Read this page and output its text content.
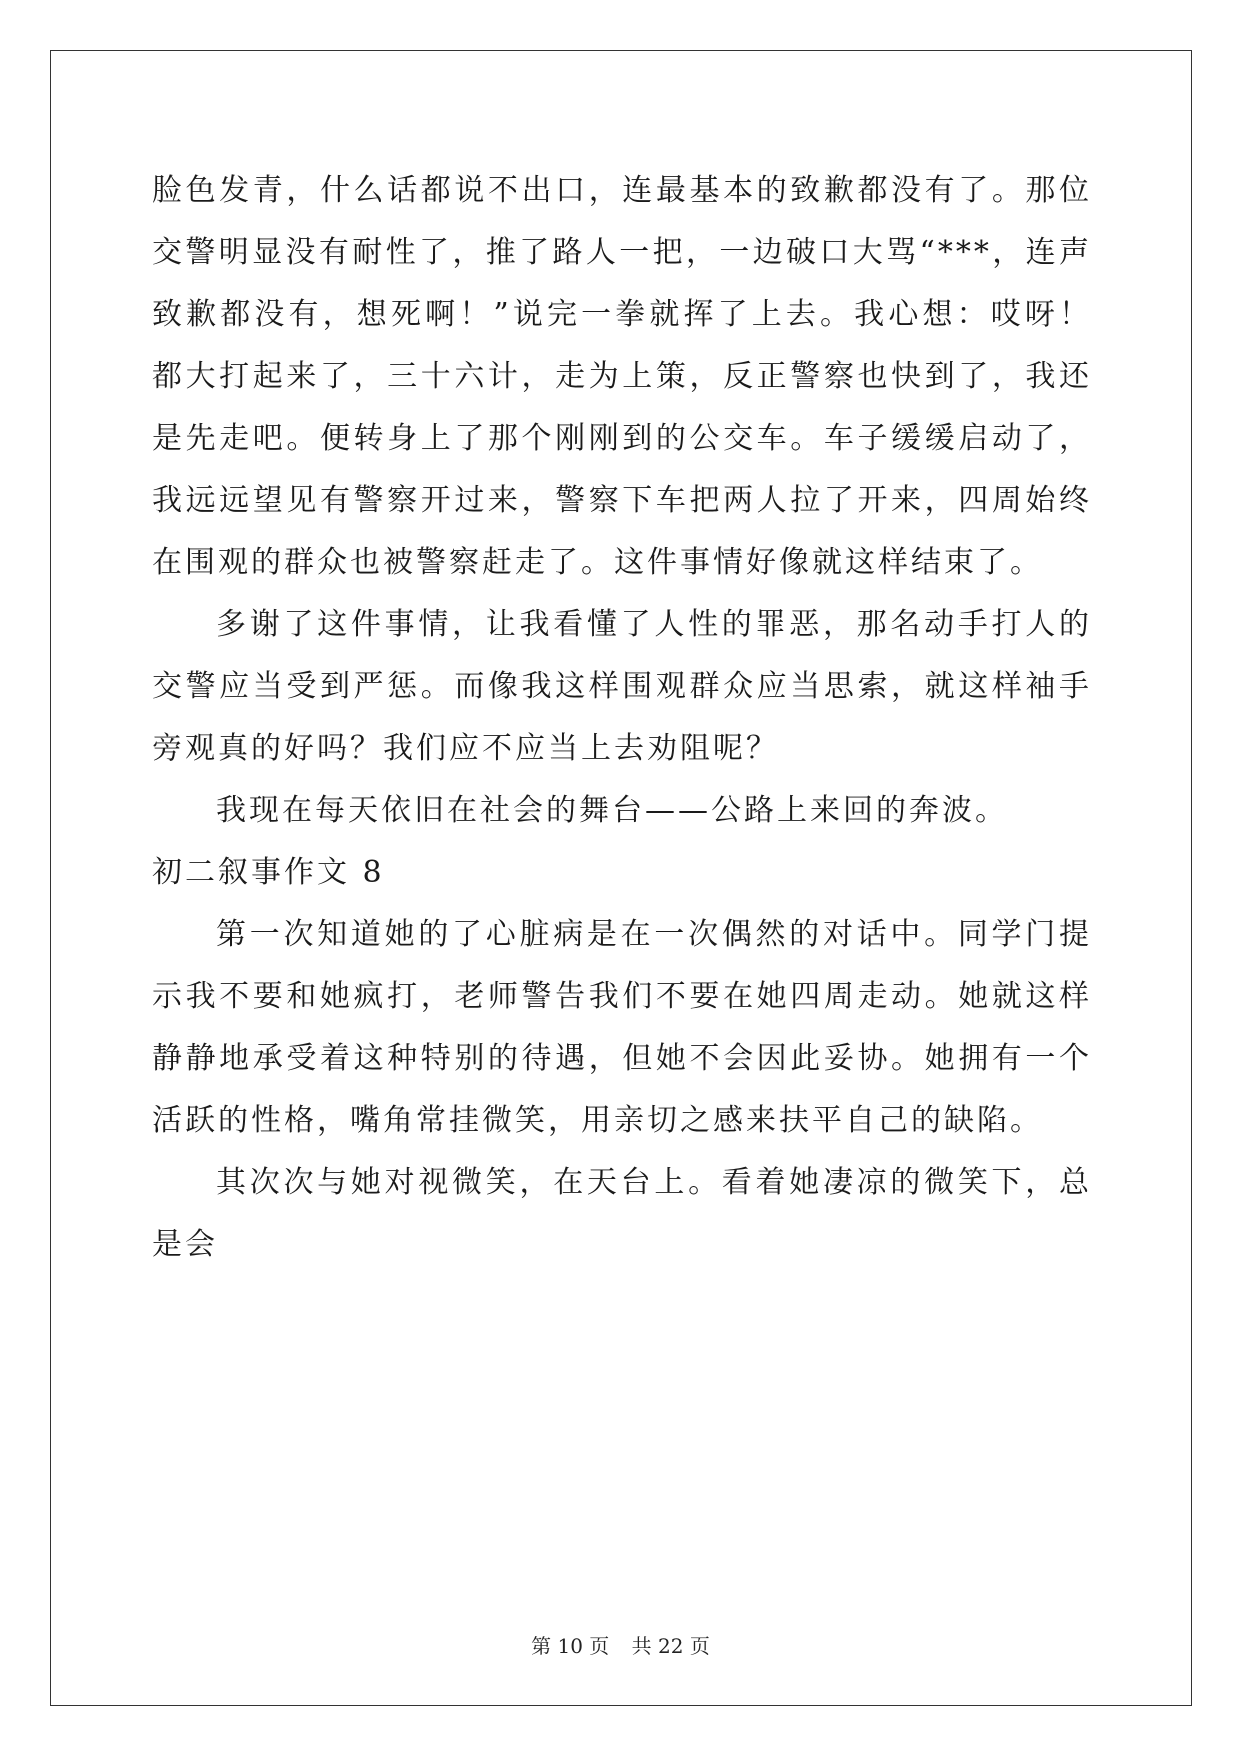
脸色发青，什么话都说不出口，连最基本的致歉都没有了。那位交警明显没有耐性了，推了路人一把，一边破口大骂“***，连声致歉都没有，想死啊！”说完一拳就挥了上去。我心想：哎呀！都大打起来了，三十六计，走为上策，反正警察也快到了，我还是先走吧。便转身上了那个刚刚到的公交车。车子缓缓启动了，我远远望见有警察开过来，警察下车把两人拉了开来，四周始终在围观的群众也被警察赶走了。这件事情好像就这样结束了。

多谢了这件事情，让我看懂了人性的罪恶，那名动手打人的交警应当受到严惩。而像我这样围观群众应当思索，就这样袖手旁观真的好吗？我们应不应当上去劝阻呢？

我现在每天依旧在社会的舞台——公路上来回的奔波。

初二叙事作文 8

第一次知道她的了心脏病是在一次偶然的对话中。同学门提示我不要和她疯打，老师警告我们不要在她四周走动。她就这样静静地承受着这种特别的待遇，但她不会因此妥协。她拥有一个活跃的性格，嘴角常挂微笑，用亲切之感来扶平自己的缺陷。

其次次与她对视微笑，在天台上。看着她凄凉的微笑下，总是会

第 10 页 共 22 页
